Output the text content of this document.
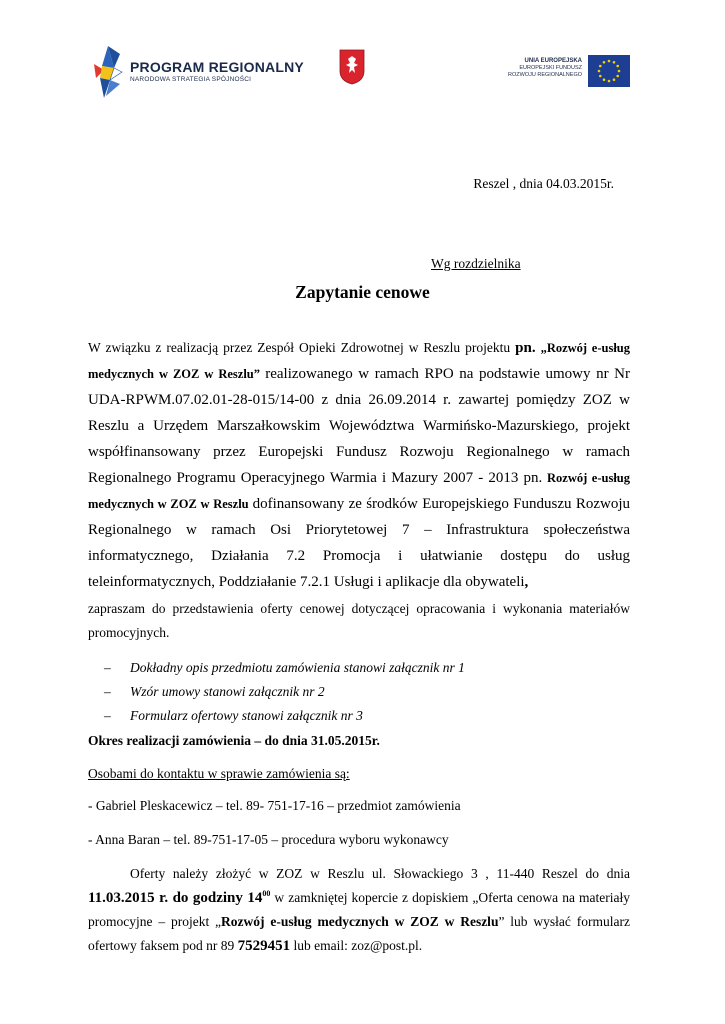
PROGRAM REGIONALNY
NARODOWA STRATEGIA SPÓJNOŚCI
UNIA EUROPEJSKA
EUROPEJSKI FUNDUSZ
ROZWOJU REGIONALNEGO
Reszel , dnia 04.03.2015r.
Wg rozdzielnika
Zapytanie cenowe
W związku z realizacją przez Zespół Opieki Zdrowotnej w Reszlu projektu pn. „Rozwój e-usług
medycznych w ZOZ w Reszlu” realizowanego w ramach RPO na podstawie umowy nr Nr
UDA-RPWM.07.02.01-28-015/14-00 z dnia 26.09.2014 r. zawartej pomiędzy ZOZ w
Reszlu a Urzędem Marszałkowskim Województwa Warmińsko-Mazurskiego, projekt
współfinansowany przez Europejski Fundusz Rozwoju Regionalnego w ramach
Regionalnego Programu Operacyjnego Warmia i Mazury 2007 - 2013 pn. Rozwój e-usług
medycznych w ZOZ w Reszlu dofinansowany ze środków Europejskiego Funduszu Rozwoju
Regionalnego w ramach Osi Priorytetowej 7 – Infrastruktura społeczeństwa
informatycznego, Działania 7.2 Promocja i ułatwianie dostępu do usług
teleinformatycznych, Poddziałanie 7.2.1 Usługi i aplikacje dla obywateli,
zapraszam do przedstawienia oferty cenowej dotyczącej opracowania i wykonania materiałów
promocyjnych.
– Dokładny opis przedmiotu zamówienia stanowi załącznik nr 1
– Wzór umowy stanowi załącznik nr 2
– Formularz ofertowy stanowi załącznik nr 3
Okres realizacji zamówienia – do dnia 31.05.2015r.
Osobami do kontaktu w sprawie zamówienia są:
- Gabriel Pleskacewicz – tel. 89- 751-17-16 – przedmiot zamówienia
- Anna Baran – tel. 89-751-17-05 – procedura wyboru wykonawcy
Oferty należy złożyć w ZOZ w Reszlu ul. Słowackiego 3 , 11-440 Reszel do dnia
11.03.2015 r. do godziny $14^{00}$ w zamkniętej kopercie z dopiskiem „Oferta cenowa na materiały
promocyjne – projekt „Rozwój e-usług medycznych w ZOZ w Reszlu” lub wysłać formularz
ofertowy faksem pod nr 89 7529451 lub email: zoz@post.pl.
